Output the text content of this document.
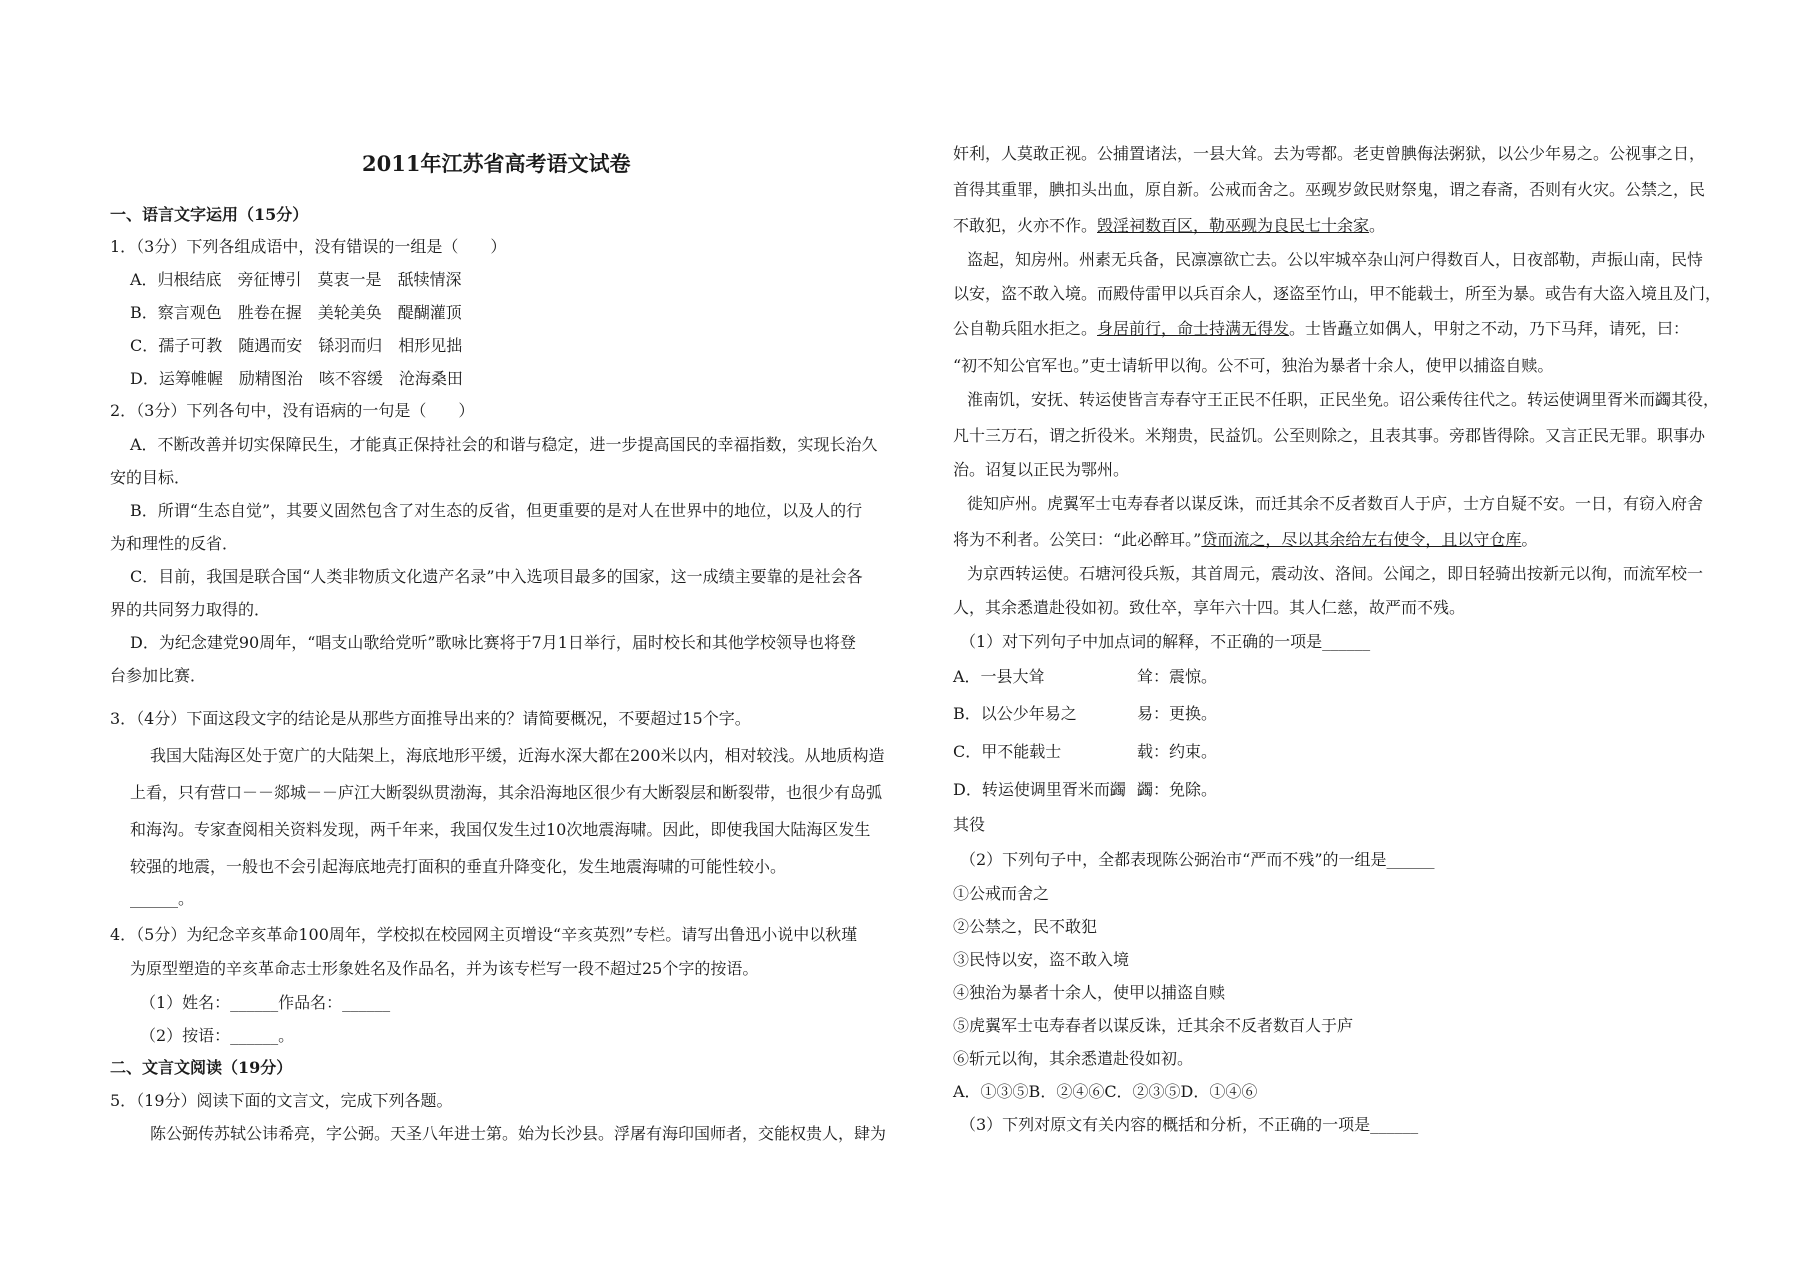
2011年江苏省高考语文试卷
一、语言文字运用（15分）
1．（3分）下列各组成语中，没有错误的一组是（　　）
A．归根结底　旁征博引　莫衷一是　舐犊情深
B．察言观色　胜卷在握　美轮美奂　醍醐灌顶
C．孺子可教　随遇而安　铩羽而归　相形见拙
D．运筹帷幄　励精图治　咳不容缓　沧海桑田
2．（3分）下列各句中，没有语病的一句是（　　）
A．不断改善并切实保障民生，才能真正保持社会的和谐与稳定，进一步提高国民的幸福指数，实现长治久
安的目标．
B．所谓“生态自觉”，其要义固然包含了对生态的反省，但更重要的是对人在世界中的地位，以及人的行
为和理性的反省．
C．目前，我国是联合国“人类非物质文化遗产名录”中入选项目最多的国家，这一成绩主要靠的是社会各
界的共同努力取得的．
D．为纪念建党90周年，“唱支山歌给党听”歌咏比赛将于7月1日举行，届时校长和其他学校领导也将登
台参加比赛．
3．（4分）下面这段文字的结论是从那些方面推导出来的？请简要概况，不要超过15个字。
我国大陆海区处于宽广的大陆架上，海底地形平缓，近海水深大都在200米以内，相对较浅。从地质构造
上看，只有营口－－郯城－－庐江大断裂纵贯渤海，其余沿海地区很少有大断裂层和断裂带，也很少有岛弧
和海沟。专家查阅相关资料发现，两千年来，我国仅发生过10次地震海啸。因此，即使我国大陆海区发生
较强的地震，一般也不会引起海底地壳打面积的垂直升降变化，发生地震海啸的可能性较小。
______。
4．（5分）为纪念辛亥革命100周年，学校拟在校园网主页增设“辛亥英烈”专栏。请写出鲁迅小说中以秋瑾
为原型塑造的辛亥革命志士形象姓名及作品名，并为该专栏写一段不超过25个字的按语。
（1）姓名：______作品名：______
（2）按语：______。
二、文言文阅读（19分）
5．（19分）阅读下面的文言文，完成下列各题。
陈公弼传苏轼公讳希亮，字公弼。天圣八年进士第。始为长沙县。浮屠有海印国师者，交能权贵人，肆为
奸利，人莫敢正视。公捕置诸法，一县大耸。去为雩都。老吏曾腆侮法粥狱，以公少年易之。公视事之日，
首得其重罪，腆扣头出血，原自新。公戒而舍之。巫觋岁敛民财祭鬼，谓之春斋，否则有火灾。公禁之，民
不敢犯，火亦不作。毁淫祠数百区，勒巫觋为良民七十余家。
盗起，知房州。州素无兵备，民凛凛欲亡去。公以牢城卒杂山河户得数百人，日夜部勒，声振山南，民恃
以安，盗不敢入境。而殿侍雷甲以兵百余人，逐盗至竹山，甲不能载士，所至为暴。或告有大盗入境且及门，
公自勒兵阻水拒之。身居前行，命士持满无得发。士皆矗立如偶人，甲射之不动，乃下马拜，请死，曰：
“初不知公官军也。”吏士请斩甲以徇。公不可，独治为暴者十余人，使甲以捕盗自赎。
淮南饥，安抚、转运使皆言寿春守王正民不任职，正民坐免。诏公乘传往代之。转运使调里胥米而蠲其役，
凡十三万石，谓之折役米。米翔贵，民益饥。公至则除之，且表其事。旁郡皆得除。又言正民无罪。职事办
治。诏复以正民为鄂州。
徙知庐州。虎翼军士屯寿春者以谋反诛，而迁其余不反者数百人于庐，士方自疑不安。一日，有窃入府舍
将为不利者。公笑曰：“此必醉耳。”贷而流之，尽以其余给左右使令，且以守仓库。
为京西转运使。石塘河役兵叛，其首周元，震动汝、洛间。公闻之，即日轻骑出按新元以徇，而流军校一
人，其余悉遣赴役如初。致仕卒，享年六十四。其人仁慈，故严而不残。
（1）对下列句子中加点词的解释，不正确的一项是______
A．一县大耸	耸：震惊。
B．以公少年易之	易：更换。
C．甲不能载士	载：约束。
D．转运使调里胥米而蠲 蠲：免除。
其役
（2）下列句子中，全都表现陈公弼治市“严而不残”的一组是______
①公戒而舍之
②公禁之，民不敢犯
③民恃以安，盗不敢入境
④独治为暴者十余人，使甲以捕盗自赎
⑤虎翼军士屯寿春者以谋反诛，迁其余不反者数百人于庐
⑥斩元以徇，其余悉遣赴役如初。
A．①③⑤B．②④⑥C．②③⑤D．①④⑥
（3）下列对原文有关内容的概括和分析，不正确的一项是______
